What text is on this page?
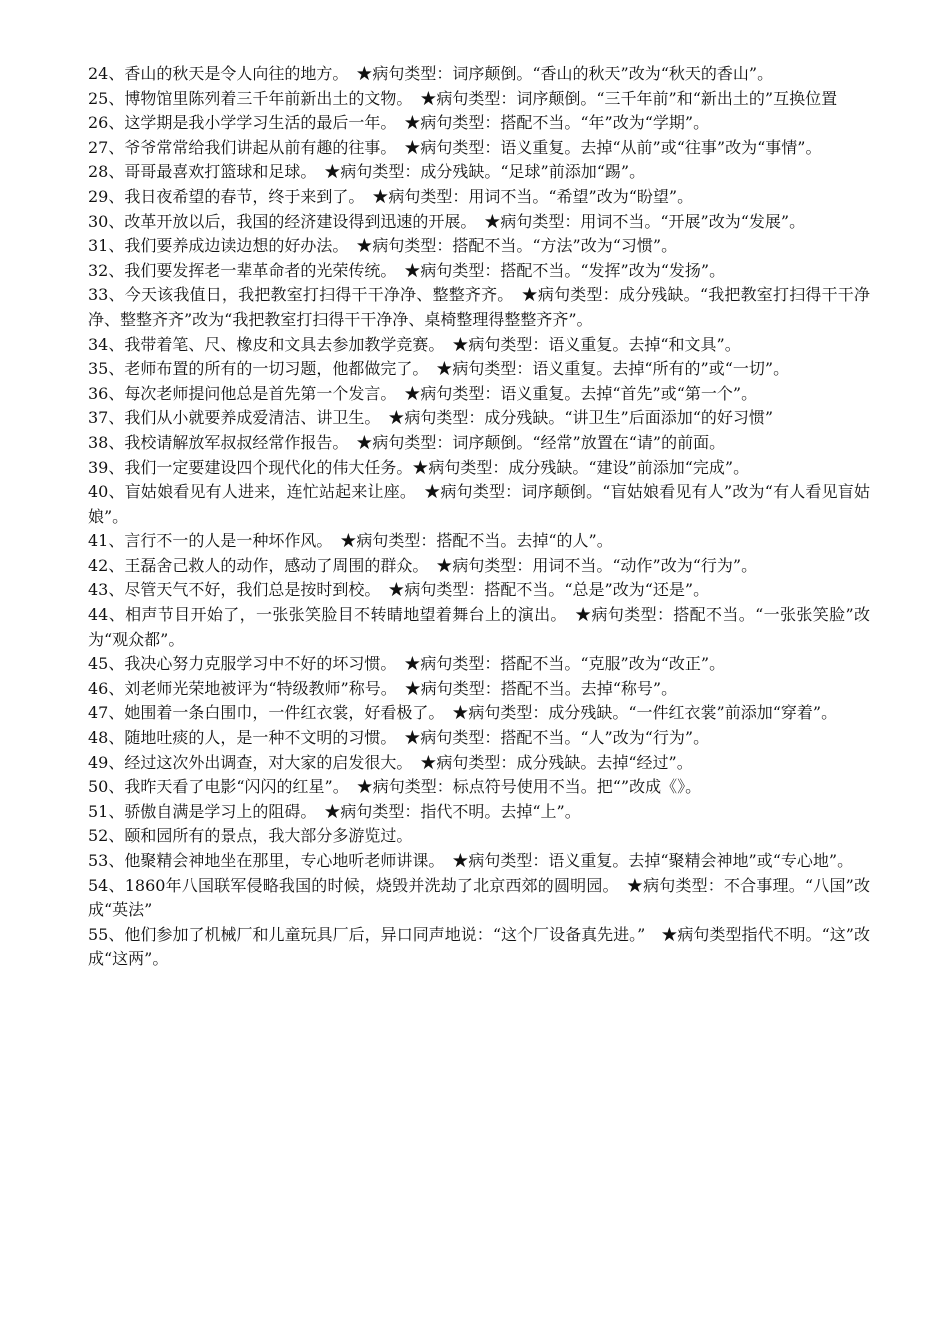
24、香山的秋天是令人向往的地方。　★病句类型：词序颠倒。“香山的秋天”改为“秋天的香山”。

25、博物馆里陈列着三千年前新出土的文物。　★病句类型：词序颠倒。“三千年前”和“新出土的”互换位置

26、这学期是我小学学习生活的最后一年。　★病句类型：搭配不当。“年”改为“学期”。

27、爷爷常常给我们讲起从前有趣的往事。　★病句类型：语义重复。去掉“从前”或“往事”改为“事情”。

28、哥哥最喜欢打篮球和足球。　★病句类型：成分残缺。“足球”前添加“踢”。

29、我日夜希望的春节，终于来到了。　★病句类型：用词不当。“希望”改为“盼望”。

30、改革开放以后，我国的经济建设得到迅速的开展。　★病句类型：用词不当。“开展”改为“发展”。

31、我们要养成边读边想的好办法。　★病句类型：搭配不当。“方法”改为“习惯”。

32、我们要发挥老一辈革命者的光荣传统。　★病句类型：搭配不当。“发挥”改为“发扬”。

33、今天该我值日，我把教室打扫得干干净净、整整齐齐。　★病句类型：成分残缺。“我把教室打扫得干干净净、整整齐齐”改为“我把教室打扫得干干净净、桌椅整理得整整齐齐”。

34、我带着笔、尺、橡皮和文具去参加教学竞赛。　★病句类型：语义重复。去掉“和文具”。

35、老师布置的所有的一切习题，他都做完了。　★病句类型：语义重复。去掉“所有的”或“一切”。

36、每次老师提问他总是首先第一个发言。　★病句类型：语义重复。去掉“首先”或“第一个”。

37、我们从小就要养成爱清洁、讲卫生。　★病句类型：成分残缺。“讲卫生”后面添加“的好习惯”

38、我校请解放军叔叔经常作报告。　★病句类型：词序颠倒。“经常”放置在“请”的前面。

39、我们一定要建设四个现代化的伟大任务。★病句类型：成分残缺。“建设”前添加“完成”。

40、盲姑娘看见有人进来，连忙站起来让座。　★病句类型：词序颠倒。“盲姑娘看见有人”改为“有人看见盲姑娘”。

41、言行不一的人是一种坏作风。　★病句类型：搭配不当。去掉“的人”。

42、王磊舍己救人的动作，感动了周围的群众。　★病句类型：用词不当。“动作”改为“行为”。

43、尽管天气不好，我们总是按时到校。　★病句类型：搭配不当。“总是”改为“还是”。

44、相声节目开始了，一张张笑脸目不转睛地望着舞台上的演出。　★病句类型：搭配不当。“一张张笑脸”改为“观众都”。

45、我决心努力克服学习中不好的坏习惯。　★病句类型：搭配不当。“克服”改为“改正”。

46、刘老师光荣地被评为“特级教师”称号。　★病句类型：搭配不当。去掉“称号”。

47、她围着一条白围巾，一件红衣裳，好看极了。　★病句类型：成分残缺。“一件红衣裳”前添加“穿着”。

48、随地吐痰的人，是一种不文明的习惯。　★病句类型：搭配不当。“人”改为“行为”。

49、经过这次外出调查，对大家的启发很大。　★病句类型：成分残缺。去掉“经过”。

50、我昨天看了电影“闪闪的红星”。　★病句类型：标点符号使用不当。把“”改成《》。

51、骄傲自满是学习上的阻碍。　★病句类型：指代不明。去掉“上”。

52、颐和园所有的景点，我大部分多游览过。

53、他聚精会神地坐在那里，专心地听老师讲课。　★病句类型：语义重复。去掉“聚精会神地”或“专心地”。

54、1860年八国联军侵略我国的时候，烧毁并洗劫了北京西郊的圆明园。　★病句类型：不合事理。“八国”改成“英法”

55、他们参加了机械厂和儿童玩具厂后，异口同声地说：“这个厂设备真先进。”　★病句类型指代不明。“这”改成“这两”。
